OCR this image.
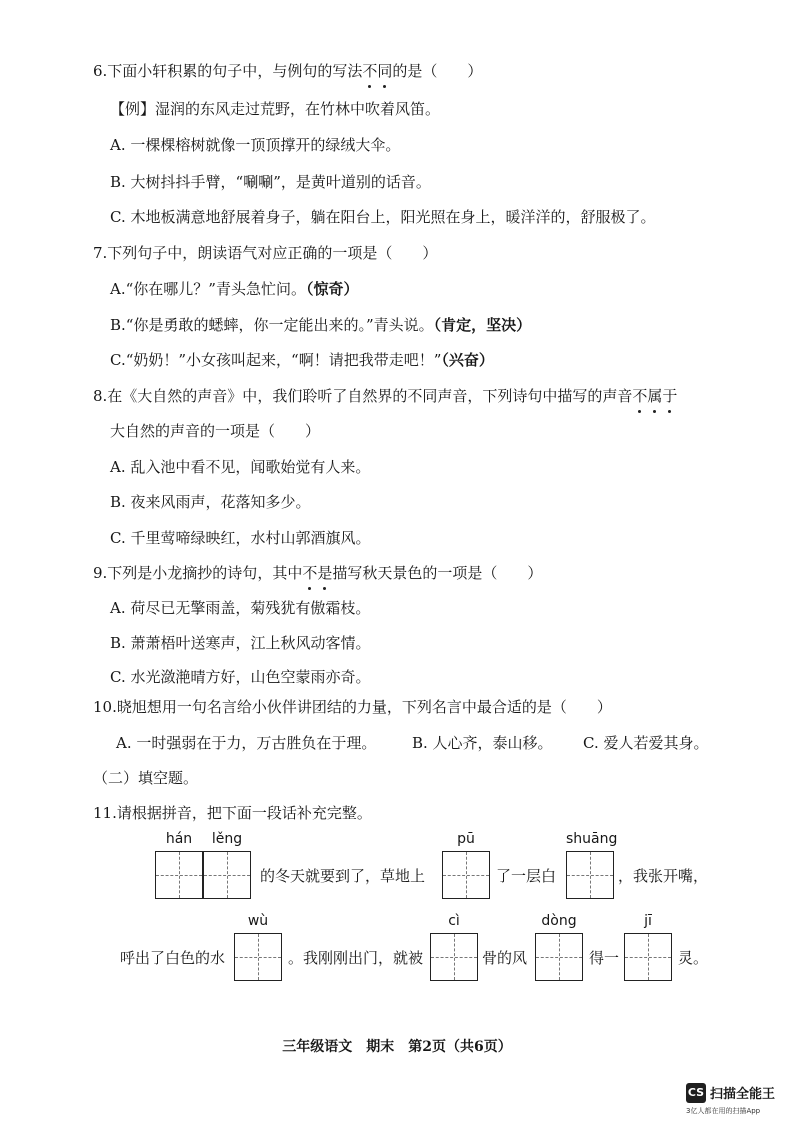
6.下面小轩积累的句子中，与例句的写法不同的是（　　）
【例】湿润的东风走过荒野，在竹林中吹着风笛。
A. 一棵棵榕树就像一顶顶撑开的绿绒大伞。
B. 大树抖抖手臂，“唰唰”，是黄叶道别的话音。
C. 木地板满意地舒展着身子，躺在阳台上，阳光照在身上，暖洋洋的，舒服极了。
7.下列句子中，朗读语气对应正确的一项是（　　）
A.“你在哪儿？”青头急忙问。（惊奇）
B.“你是勇敢的蟋蟀，你一定能出来的。”青头说。（肯定，坚决）
C.“奶奶！”小女孩叫起来，“啊！请把我带走吧！”（兴奋）
8.在《大自然的声音》中，我们聆听了自然界的不同声音，下列诗句中描写的声音不属于
大自然的声音的一项是（　　）
A. 乱入池中看不见，闻歌始觉有人来。
B. 夜来风雨声，花落知多少。
C. 千里莺啼绿映红，水村山郭酒旗风。
9.下列是小龙摘抄的诗句，其中不是描写秋天景色的一项是（　　）
A. 荷尽已无擎雨盖，菊残犹有傲霜枝。
B. 萧萧梧叶送寒声，江上秋风动客情。
C. 水光潋滟晴方好，山色空蒙雨亦奇。
10.晓旭想用一句名言给小伙伴讲团结的力量，下列名言中最合适的是（　　）
A. 一时强弱在于力，万古胜负在于理。 B. 人心齐，泰山移。 C. 爱人若爱其身。
（二）填空题。
11.请根据拼音，把下面一段话补充完整。
hán	lěng
的冬天就要到了，草地上
pū
了一层白
shuāng
，我张开嘴，
呼出了白色的水
wù
。我刚刚出门，就被
cì
骨的风
dòng
得一
jī
灵。
三年级语文　期末　第2页（共6页）
CS 扫描全能王
3亿人都在用的扫描App
